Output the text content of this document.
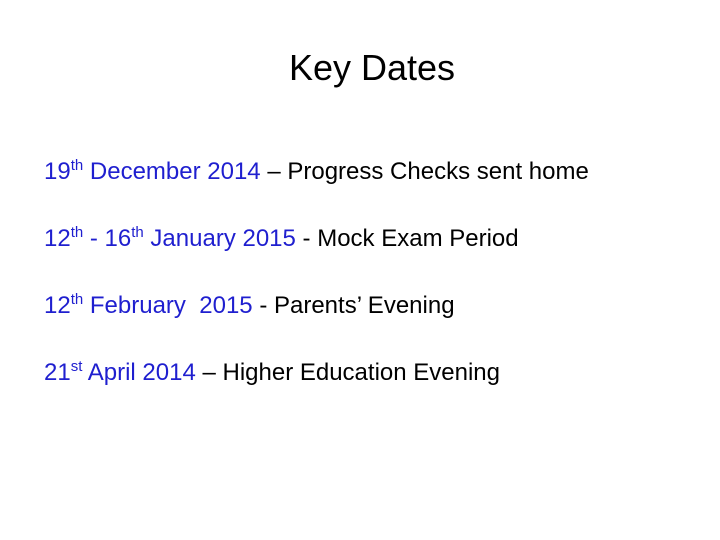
Key Dates
19th December 2014 – Progress Checks sent home
12th - 16th January 2015 - Mock Exam Period
12th February  2015 - Parents’ Evening
21st April 2014 – Higher Education Evening
